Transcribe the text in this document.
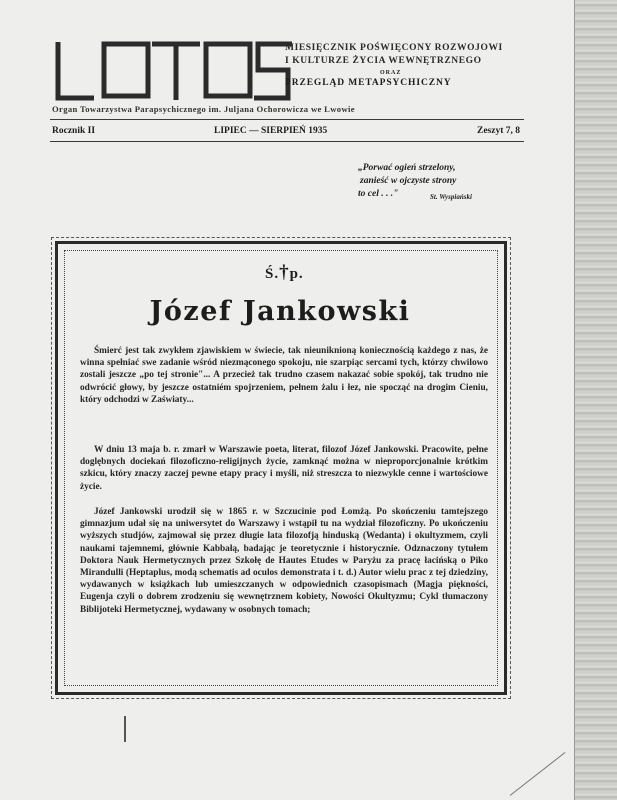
LOTOS
MIESIĘCZNIK POŚWIĘCONY ROZWOJOWI
I KULTURZE ŻYCIA WEWNĘTRZNEGO
ORAZ
PRZEGLĄD METAPSYCHICZNY
Organ Towarzystwa Parapsychicznego im. Juljana Ochorowicza we Lwowie
Rocznik II	LIPIEC — SIERPIEŃ 1935	Zeszyt 7, 8
„Porwać ogień strzelony,
zanieść w ojczyste strony
to cel . . ."	St. Wyspiański
Ś.†p.
Józef Jankowski

Śmierć jest tak zwykłem zjawiskiem w świecie, tak nieuniknioną koniecznością każdego z nas, że winna spełniać swe zadanie wśród niezmąconego spokoju, nie szarpiąc sercami tych, którzy chwilowo zostali jeszcze „po tej stronie"... A przecież tak trudno czasem nakazać sobie spokój, tak trudno nie odwrócić głowy, by jeszcze ostatniém spojrzeniem, pełnem żalu i łez, nie spocząć na drogim Cieniu, który odchodzi w Zaświaty...

W dniu 13 maja b. r. zmarł w Warszawie poeta, literat, filozof Józef Jankowski. Pracowite, pełne doglębnych dociekań filozoficzno-religijnych życie, zamknąć można w nieproporcjonalnie krótkim szkicu, który znaczy zaczej pewne etapy pracy i myśli, niż streszcza to niezwykle cenne i wartościowe życie.

Józef Jankowski urodził się w 1865 r. w Szczucinie pod Łomżą. Po skończeniu tamtejszego gimnazjum udał się na uniwersytet do Warszawy i wstąpił tu na wydział filozoficzny. Po ukończeniu wyższych studjów, zajmował się przez długie lata filozofją hinduską (Wedanta) i okultyzmem, czyli naukami tajemnemi, głównie Kabbałą, badając je teoretycznie i historycznie. Odznaczony tytułem Doktora Nauk Hermetycznych przez Szkołę de Hautes Etudes w Paryżu za pracę łacińską o Piko Mirandulli (Heptaplus, modą schematis ad oculos demonstrata i t. d.) Autor wielu prac z tej dziedziny, wydawanych w książkach lub umieszczanych w odpowiednich czasopismach (Magja piękności, Eugenja czyli o dobrem zrodzeniu się wewnętrznem kobiety, Nowości Okultyzmu; Cykl tłumaczony Biblijoteki Hermetycznej, wydawany w osobnych tomach;
